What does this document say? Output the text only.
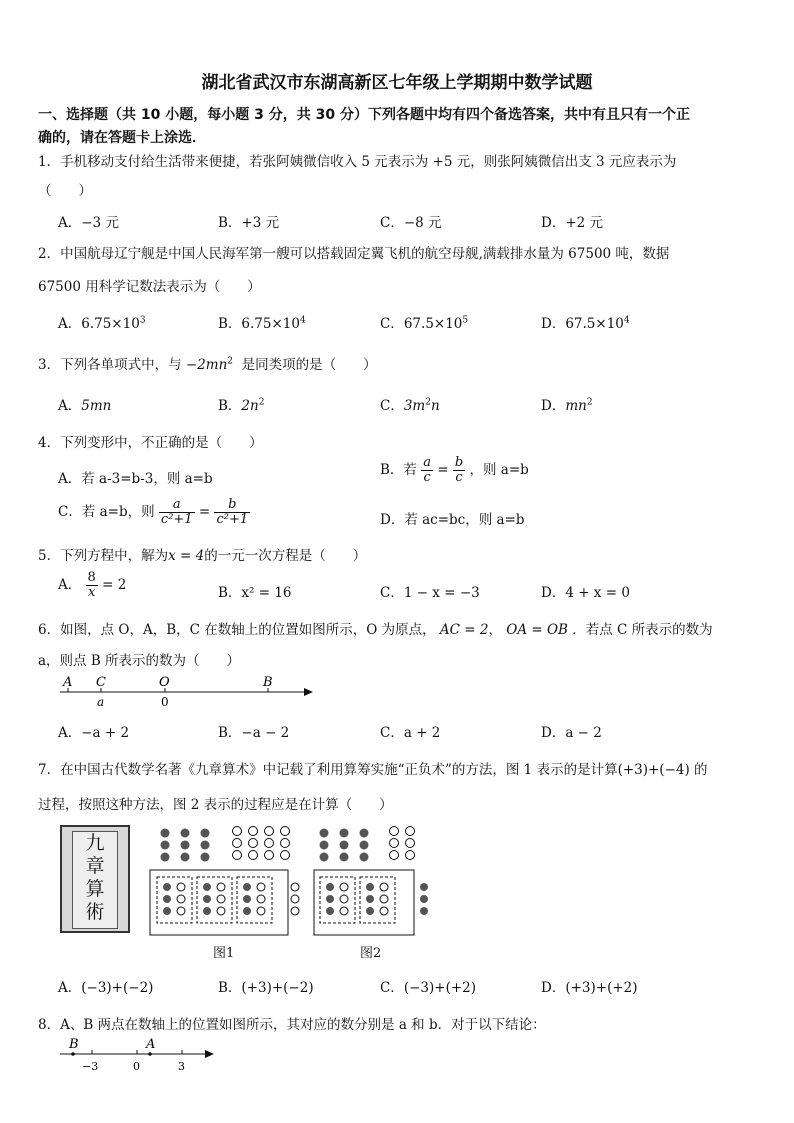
湖北省武汉市东湖高新区七年级上学期期中数学试题
一、选择题（共 10 小题，每小题 3 分，共 30 分）下列各题中均有四个备选答案，共中有且只有一个正
确的，请在答题卡上涂选．
1．手机移动支付给生活带来便捷，若张阿姨微信收入 5 元表示为 +5 元，则张阿姨微信出支 3 元应表示为
（　　）
A．−3 元	B．+3 元	C．−8 元	D．+2 元
2．中国航母辽宁舰是中国人民海军第一艘可以搭载固定翼飞机的航空母舰,满载排水量为 67500 吨，数据
67500 用科学记数法表示为（　　）
A．$6.75\times 10^3$	B．$6.75\times 10^4$	C．$67.5\times 10^5$	D．$67.5\times 10^4$
3．下列各单项式中，与 $-2mn^2$ 是同类项的是（　　）
A．5mn	B．$2n^2$	C．$3m^2n$	D．$mn^2$
4．下列变形中，不正确的是（　　）
A．若 a-3=b-3，则 a=b
B．若 $\frac{a}{c} = \frac{b}{c}$ ，则 a=b
C．若 a=b，则 $\frac{a}{\text{c²+1}} = \frac{b}{\text{c²+1}}$	D．若 ac=bc，则 a=b
5．下列方程中，解为x = 4的一元一次方程是（　　）
A． $\frac{8}{x} = 2$	B．x² = 16	C．1 − x = −3	D．4 + x = 0
6．如图，点 O，A，B，C 在数轴上的位置如图所示，O 为原点， AC = 2， OA = OB ．若点 C 所表示的数为
a，则点 B 所表示的数为（　　）
A C	O	B
a	0
A．−a + 2	B．−a − 2	C．a + 2	D．a − 2
7．在中国古代数学名著《九章算术》中记载了利用算筹实施“正负术”的方法，图 1 表示的是计算(+3)+(−4) 的
过程，按照这种方法，图 2 表示的过程应是在计算（　　）
九
章
算
術
图1	图2
A．(−3)+(−2)	B．(+3)+(−2)	C．(−3)+(+2)	D．(+3)+(+2)
8．A、B 两点在数轴上的位置如图所示，其对应的数分别是 a 和 b．对于以下结论：
B	A
−3	0	3
